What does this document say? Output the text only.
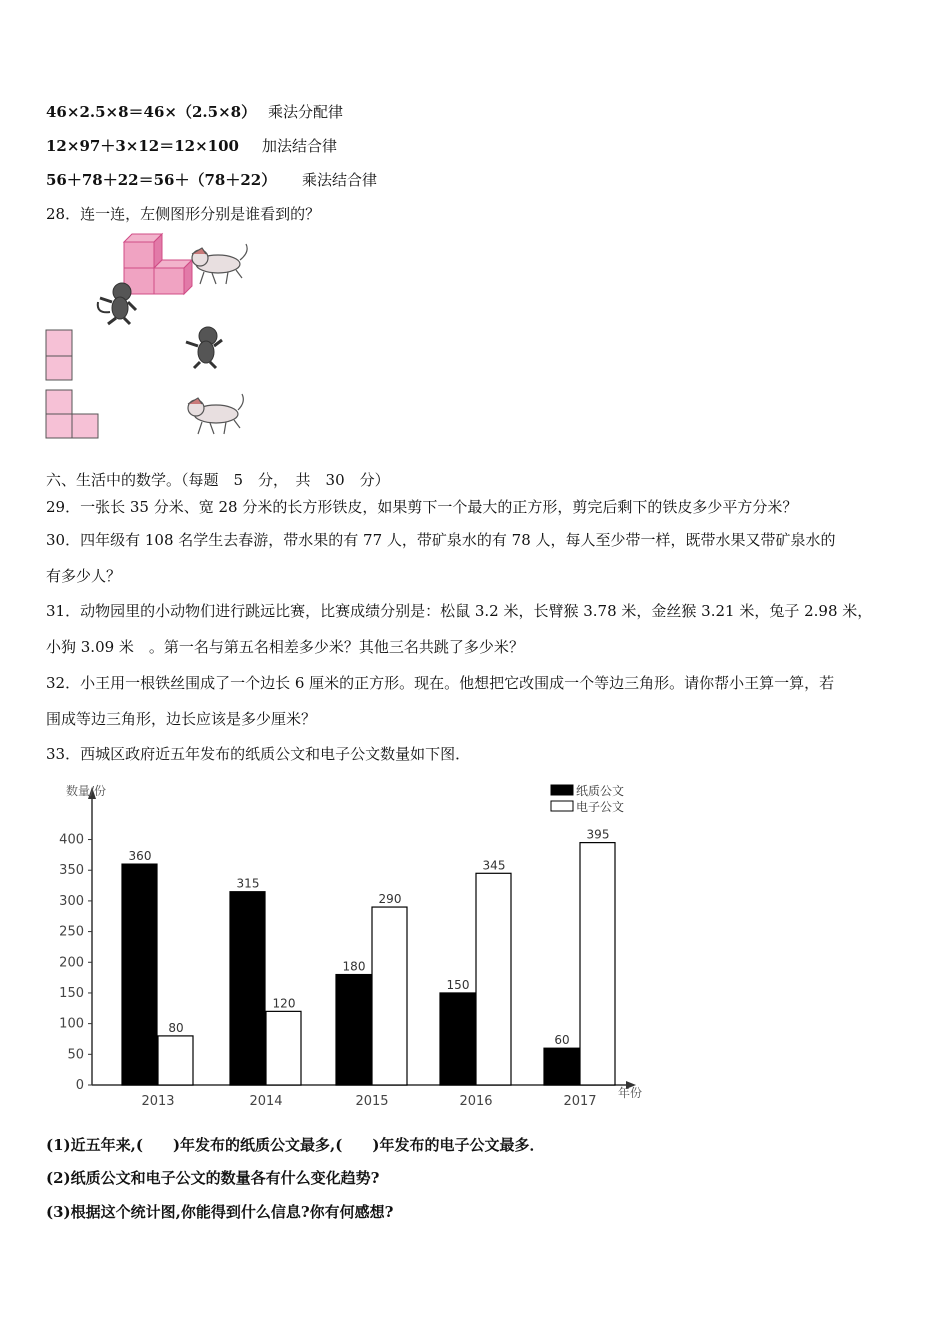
46×2.5×8＝46×（2.5×8） 乘法分配律
12×97＋3×12＝12×100 加法结合律
56＋78＋22＝56＋（78＋22） 乘法结合律
28．连一连，左侧图形分别是谁看到的？
六、生活中的数学。（每题　5　分，　共　30　分）
29．一张长 35 分米、宽 28 分米的长方形铁皮，如果剪下一个最大的正方形，剪完后剩下的铁皮多少平方分米？
30．四年级有 108 名学生去春游，带水果的有 77 人，带矿泉水的有 78 人，每人至少带一样，既带水果又带矿泉水的
有多少人？
31．动物园里的小动物们进行跳远比赛，比赛成绩分别是：松鼠 3.2 米，长臂猴 3.78 米，金丝猴 3.21 米，兔子 2.98 米，
小狗 3.09 米　。第一名与第五名相差多少米？其他三名共跳了多少米？
32．小王用一根铁丝围成了一个边长 6 厘米的正方形。现在。他想把它改围成一个等边三角形。请你帮小王算一算，若
围成等边三角形，边长应该是多少厘米？
33．西城区政府近五年发布的纸质公文和电子公文数量如下图．
数量/份
年份
0
50
100
150
200
250
300
350
400
360
80
2013
315
120
2014
180
290
2015
150
345
2016
60
395
2017
纸质公文
电子公文
(1)近五年来,(　　)年发布的纸质公文最多,(　　)年发布的电子公文最多．
(2)纸质公文和电子公文的数量各有什么变化趋势?
(3)根据这个统计图,你能得到什么信息?你有何感想?
